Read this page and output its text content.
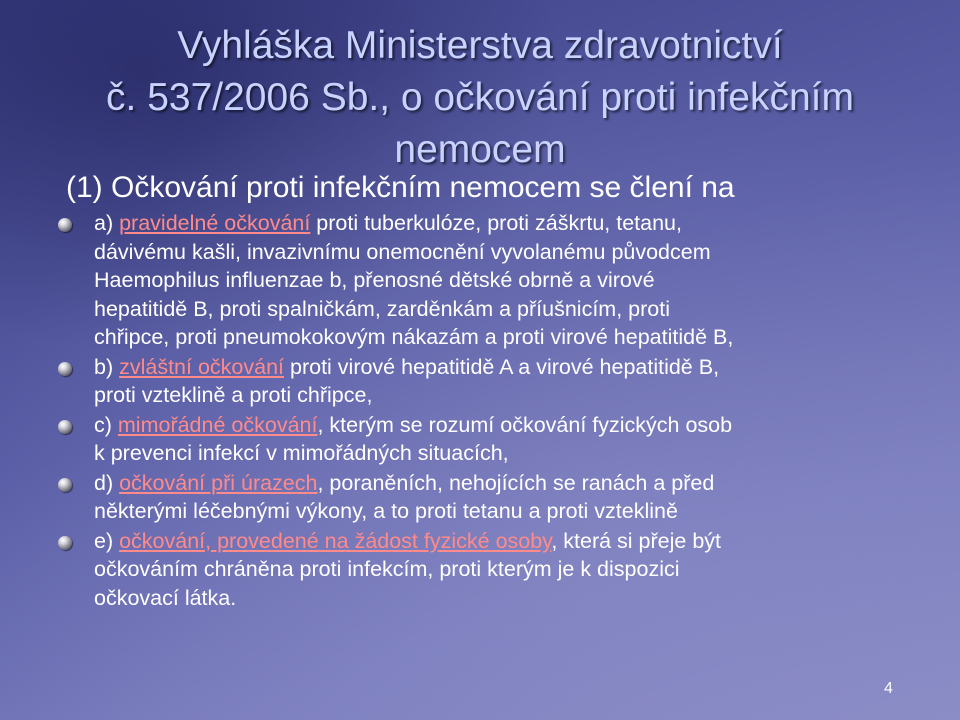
Vyhláška Ministerstva zdravotnictví
č. 537/2006 Sb., o očkování proti infekčním
nemocem
(1) Očkování proti infekčním nemocem se člení na
a) pravidelné očkování proti tuberkulóze, proti záškrtu, tetanu,
dávivému kašli, invazivnímu onemocnění vyvolanému původcem
Haemophilus influenzae b, přenosné dětské obrně a virové
hepatitidě B, proti spalničkám, zarděnkám a příušnicím, proti
chřipce, proti pneumokokovým nákazám a proti virové hepatitidě B,
b) zvláštní očkování proti virové hepatitidě A a virové hepatitidě B,
proti vzteklině a proti chřipce,
c) mimořádné očkování, kterým se rozumí očkování fyzických osob
k prevenci infekcí v mimořádných situacích,
d) očkování při úrazech, poraněních, nehojících se ranách a před
některými léčebnými výkony, a to proti tetanu a proti vzteklině
e) očkování, provedené na žádost fyzické osoby, která si přeje být
očkováním chráněna proti infekcím, proti kterým je k dispozici
očkovací látka.
4
